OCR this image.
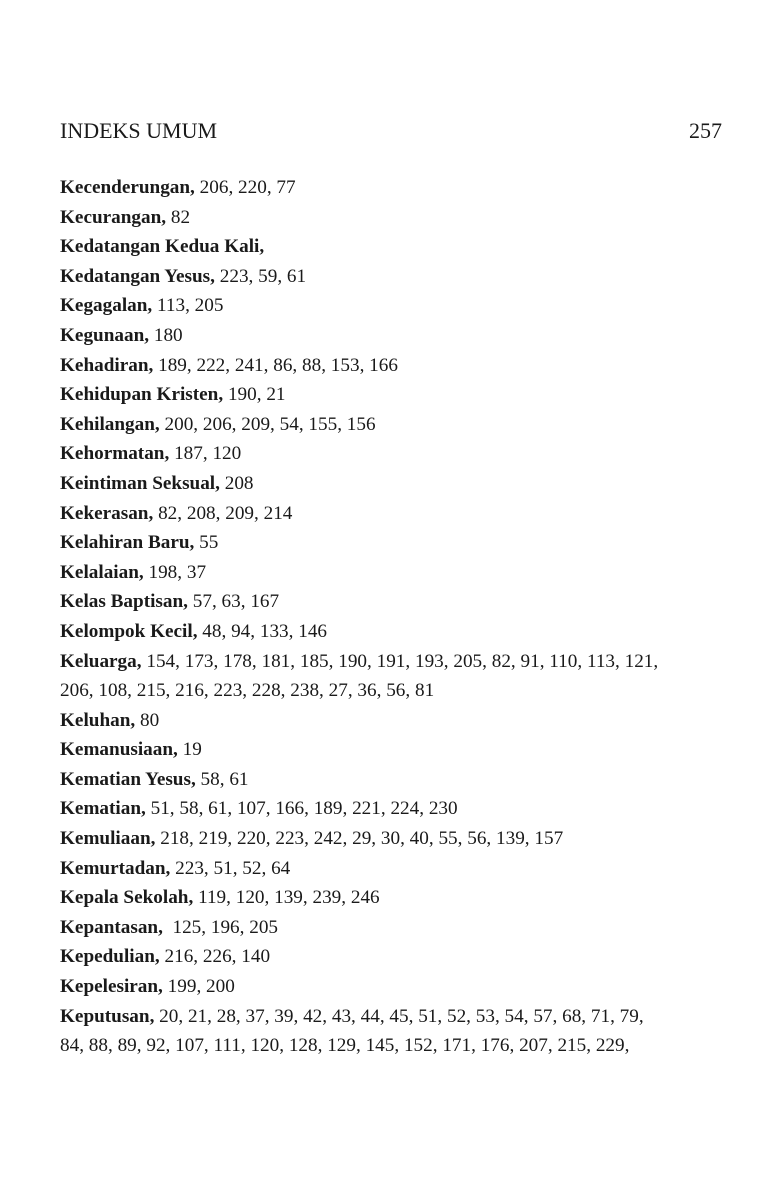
INDEKS UMUM	257

Kecenderungan, 206, 220, 77

Kecurangan, 82

Kedatangan Kedua Kali,

Kedatangan Yesus, 223, 59, 61

Kegagalan, 113, 205

Kegunaan, 180

Kehadiran, 189, 222, 241, 86, 88, 153, 166

Kehidupan Kristen, 190, 21

Kehilangan, 200, 206, 209, 54, 155, 156

Kehormatan, 187, 120

Keintiman Seksual, 208

Kekerasan, 82, 208, 209, 214

Kelahiran Baru, 55

Kelalaian, 198, 37

Kelas Baptisan, 57, 63, 167

Kelompok Kecil, 48, 94, 133, 146

Keluarga, 154, 173, 178, 181, 185, 190, 191, 193, 205, 82, 91, 110, 113, 121,

206, 108, 215, 216, 223, 228, 238, 27, 36, 56, 81

Keluhan, 80

Kemanusiaan, 19

Kematian Yesus, 58, 61

Kematian, 51, 58, 61, 107, 166, 189, 221, 224, 230

Kemuliaan, 218, 219, 220, 223, 242, 29, 30, 40, 55, 56, 139, 157

Kemurtadan, 223, 51, 52, 64

Kepala Sekolah, 119, 120, 139, 239, 246

Kepantasan,  125, 196, 205

Kepedulian, 216, 226, 140

Kepelesiran, 199, 200

Keputusan, 20, 21, 28, 37, 39, 42, 43, 44, 45, 51, 52, 53, 54, 57, 68, 71, 79,

84, 88, 89, 92, 107, 111, 120, 128, 129, 145, 152, 171, 176, 207, 215, 229,
